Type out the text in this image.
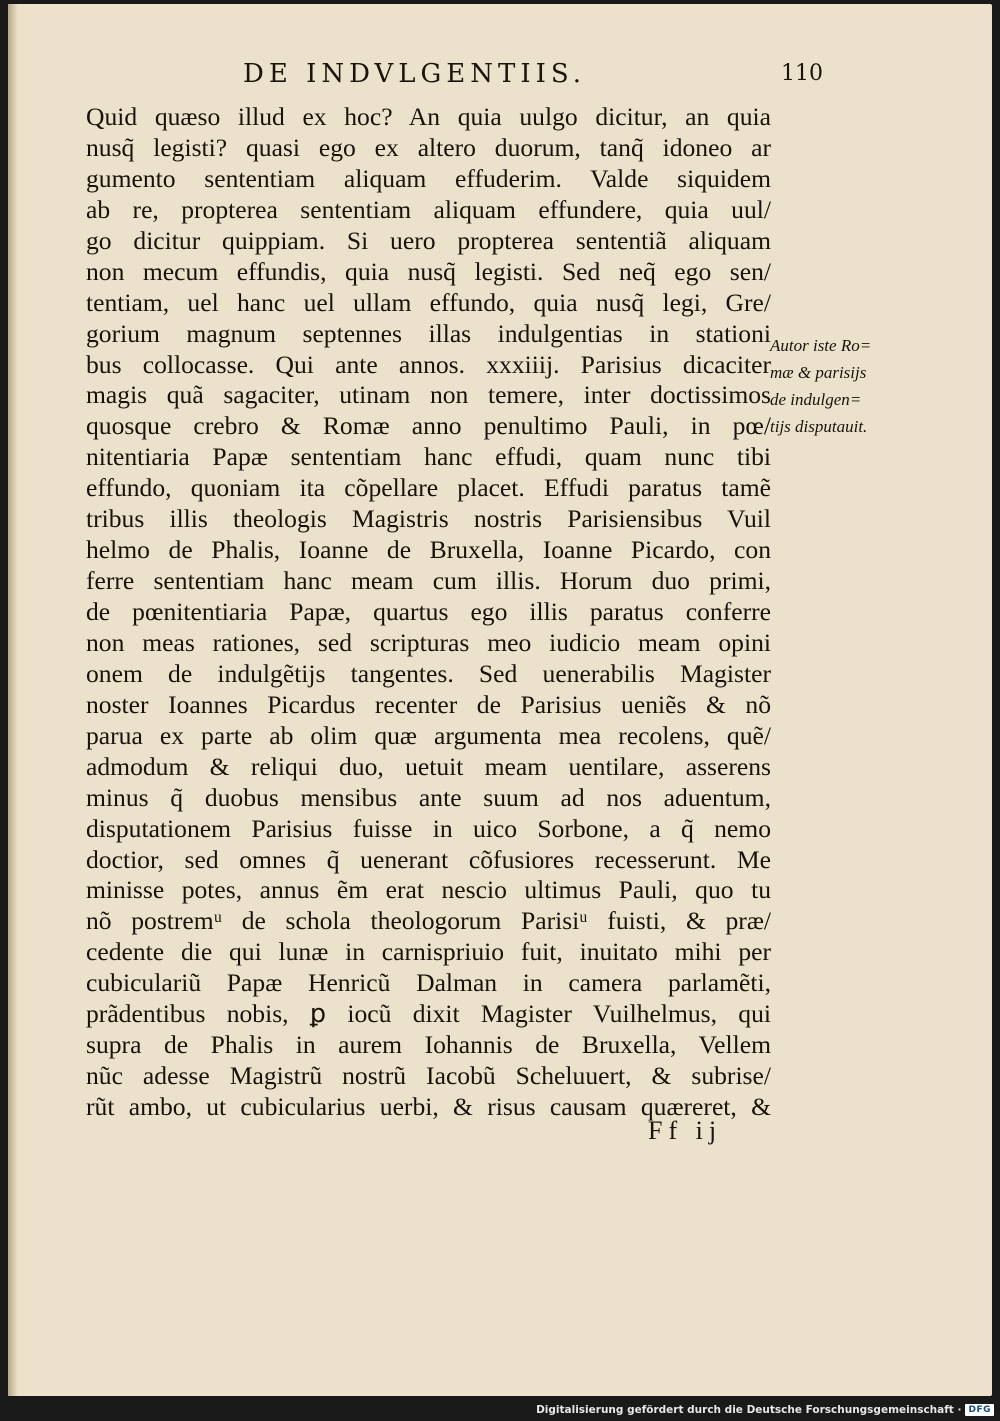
DE INDVLGENTIIS.	110
Quid quæso illud ex hoc? An quia uulgo dicitur, an quia
nusq̃ legisti? quasi ego ex altero duorum, tanq̃ idoneo ar
gumento sententiam aliquam effuderim. Valde siquidem
ab re, propterea sententiam aliquam effundere, quia uul/
go dicitur quippiam. Si uero propterea sententiã aliquam
non mecum effundis, quia nusq̃ legisti. Sed neq̃ ego sen/
tentiam, uel hanc uel ullam effundo, quia nusq̃ legi, Gre/
gorium magnum septennes illas indulgentias in stationi
bus collocasse. Qui ante annos. xxxiiij. Parisius dicaciter
magis quã sagaciter, utinam non temere, inter doctissimos
quosque crebro & Romæ anno penultimo Pauli, in pœ/
nitentiaria Papæ sententiam hanc effudi, quam nunc tibi
effundo, quoniam ita cõpellare placet. Effudi paratus tamẽ
tribus illis theologis Magistris nostris Parisiensibus Vuil
helmo de Phalis, Ioanne de Bruxella, Ioanne Picardo, con
ferre sententiam hanc meam cum illis. Horum duo primi,
de pœnitentiaria Papæ, quartus ego illis paratus conferre
non meas rationes, sed scripturas meo iudicio meam opini
onem de indulgẽtijs tangentes. Sed uenerabilis Magister
noster Ioannes Picardus recenter de Parisius ueniẽs & nõ
parua ex parte ab olim quæ argumenta mea recolens, quẽ/
admodum & reliqui duo, uetuit meam uentilare, asserens
minus q̃ duobus mensibus ante suum ad nos aduentum,
disputationem Parisius fuisse in uico Sorbone, a q̃ nemo
doctior, sed omnes q̃ uenerant cõfusiores recesserunt. Me
minisse potes, annus ẽm erat nescio ultimus Pauli, quo tu
nõ postremᵘ de schola theologorum Parisiᵘ fuisti, & præ/
cedente die qui lunæ in carnispriuio fuit, inuitato mihi per
cubiculariũ Papæ Henricũ Dalman in camera parlamẽti,
prãdentibus nobis, ꝑ iocũ dixit Magister Vuilhelmus, qui
supra de Phalis in aurem Iohannis de Bruxella, Vellem
nũc adesse Magistrũ nostrũ Iacobũ Scheluuert, & subrise/
rũt ambo, ut cubicularius uerbi, & risus causam quæreret, &
Autor iste Ro=
mæ & parisijs
de indulgen=
tijs disputauit.
Ff ij
Digitalisierung gefördert durch die Deutsche Forschungsgemeinschaft · DFG
